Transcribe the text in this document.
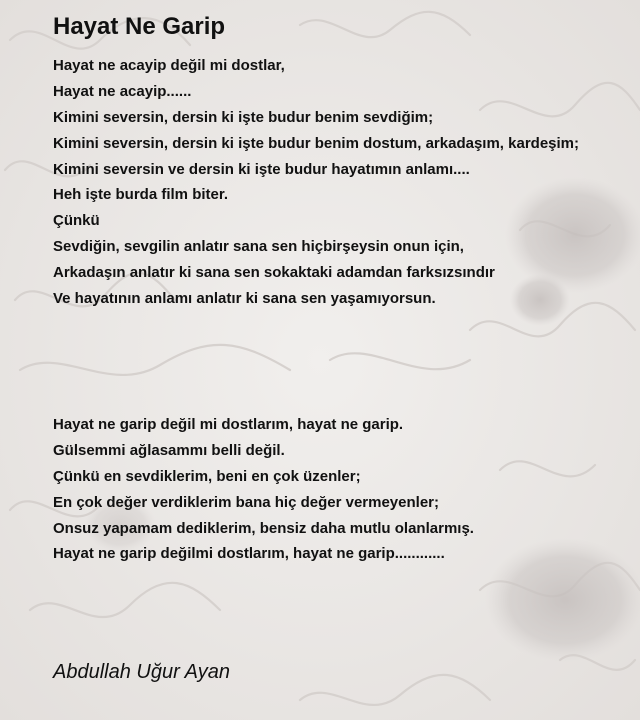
Hayat Ne Garip
Hayat ne acayip değil mi dostlar,
Hayat ne acayip......
Kimini seversin, dersin ki işte budur benim sevdiğim;
Kimini seversin, dersin ki işte budur benim dostum, arkadaşım, kardeşim;
Kimini seversin ve dersin ki işte budur hayatımın anlamı....
Heh işte burda film biter.
Çünkü
Sevdiğin, sevgilin anlatır sana sen hiçbirşeysin onun için,
Arkadaşın anlatır ki sana sen sokaktaki adamdan farksızsındır
Ve hayatının anlamı anlatır ki sana sen yaşamıyorsun.
Hayat ne garip değil mi dostlarım, hayat ne garip.
Gülsemmi ağlasammı belli değil.
Çünkü en sevdiklerim, beni en çok üzenler;
En çok değer verdiklerim bana hiç değer vermeyenler;
Onsuz yapamam dediklerim, bensiz daha mutlu olanlarmış.
Hayat ne garip değilmi dostlarım, hayat ne garip............

Abdullah Uğur Ayan
